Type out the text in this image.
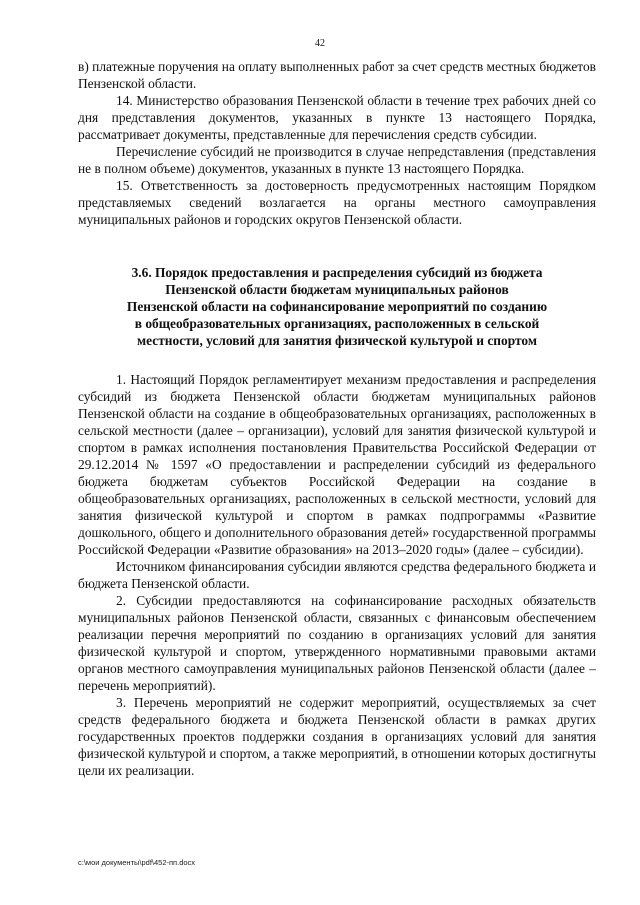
42

в) платежные поручения на оплату выполненных работ за счет средств местных бюджетов Пензенской области.

14. Министерство образования Пензенской области в течение трех рабочих дней со дня представления документов, указанных в пункте 13 настоящего Порядка, рассматривает документы, представленные для перечисления средств субсидии.

Перечисление субсидий не производится в случае непредставления (представления не в полном объеме) документов, указанных в пункте 13 настоящего Порядка.

15. Ответственность за достоверность предусмотренных настоящим Порядком представляемых сведений возлагается на органы местного самоуправления муниципальных районов и городских округов Пензенской области.

3.6. Порядок предоставления и распределения субсидий из бюджета
Пензенской области бюджетам муниципальных районов
Пензенской области на софинансирование мероприятий по созданию
в общеобразовательных организациях, расположенных в сельской
местности, условий для занятия физической культурой и спортом

1. Настоящий Порядок регламентирует механизм предоставления и распределения субсидий из бюджета Пензенской области бюджетам муниципальных районов Пензенской области на создание в общеобразовательных организациях, расположенных в сельской местности (далее – организации), условий для занятия физической культурой и спортом в рамках исполнения постановления Правительства Российской Федерации от 29.12.2014 № 1597 «О предоставлении и распределении субсидий из федерального бюджета бюджетам субъектов Российской Федерации на создание в общеобразовательных организациях, расположенных в сельской местности, условий для занятия физической культурой и спортом в рамках подпрограммы «Развитие дошкольного, общего и дополнительного образования детей» государственной программы Российской Федерации «Развитие образования» на 2013–2020 годы» (далее – субсидии).

Источником финансирования субсидии являются средства федерального бюджета и бюджета Пензенской области.

2. Субсидии предоставляются на софинансирование расходных обязательств муниципальных районов Пензенской области, связанных с финансовым обеспечением реализации перечня мероприятий по созданию в организациях условий для занятия физической культурой и спортом, утвержденного нормативными правовыми актами органов местного самоуправления муниципальных районов Пензенской области (далее – перечень мероприятий).

3. Перечень мероприятий не содержит мероприятий, осуществляемых за счет средств федерального бюджета и бюджета Пензенской области в рамках других государственных проектов поддержки создания в организациях условий для занятия физической культурой и спортом, а также мероприятий, в отношении которых достигнуты цели их реализации.

c:\мои документы\pdf\452-пп.docx
